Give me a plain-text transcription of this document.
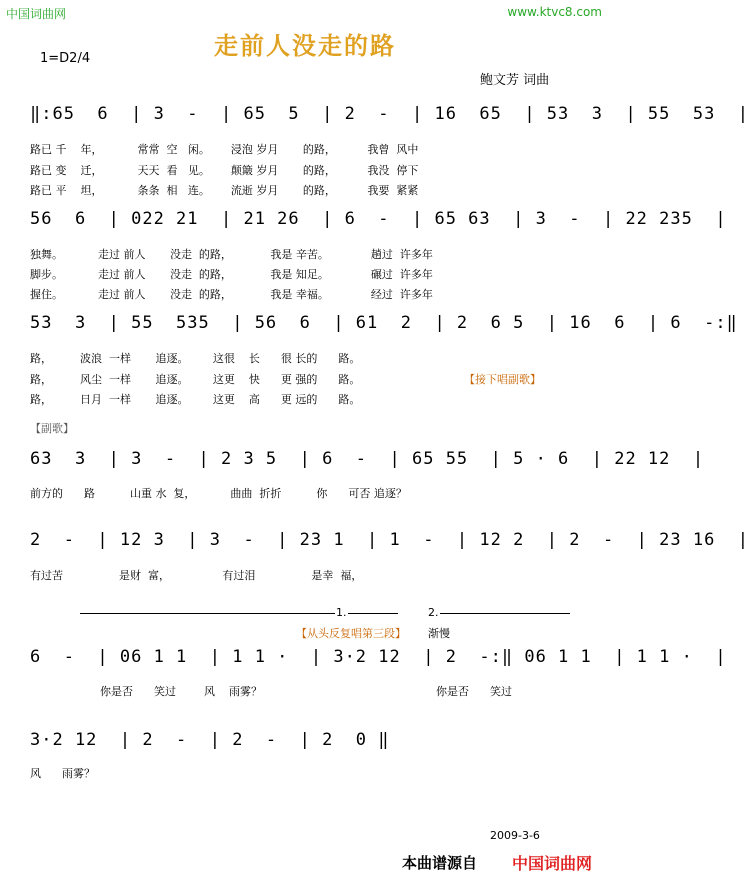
中国词曲网	www.ktvc8.com
走前人没走的路
1=D2/4
鲍文芳 词曲
‖:65  6  | 3  -  | 65  5  | 2  -  | 16  65  | 53  3  | 55  53  |
路已 千    年，          常常  空   闲。      浸泡 岁月       的路，         我曾  风中
路已 变    迁，          天天  看   见。      颠簸 岁月       的路，         我没  停下
路已 平    坦，          条条  相   连。      流逝 岁月       的路，         我要  紧紧
56  6  | 022 21  | 21 26  | 6  -  | 65 63  | 3  -  | 22 235  |
独舞。          走过 前人       没走  的路，           我是 辛苦。            趟过  许多年
脚步。          走过 前人       没走  的路，           我是 知足。            碾过  许多年
握住。          走过 前人       没走  的路，           我是 幸福。            经过  许多年
53  3  | 55  535  | 56  6  | 61  2  | 2  6 5  | 16  6  | 6  -:‖
路，        波浪  一样       追逐。       这很    长      很 长的      路。
路，        风尘  一样       追逐。       这更    快      更 强的      路。	【接下唱副歌】
路，        日月  一样       追逐。       这更    高      更 远的      路。
【副歌】
63  3  | 3  -  | 2 3 5  | 6  -  | 65 55  | 5 · 6  | 22 12  |
前方的      路          山重 水  复，          曲曲  折折          你      可否 追逐？
2  -  | 12 3  | 3  -  | 23 1  | 1  -  | 12 2  | 2  -  | 23 16  |
有过苦                是财  富，               有过泪                是幸  福，
1.	2.
【从头反复唱第三段】 渐慢
6  -  | 06 1 1  | 1 1 ·  | 3·2 12  | 2  -:‖ 06 1 1  | 1 1 ·  |
你是否      笑过        风    雨雾？	你是否      笑过
3·2 12  | 2  -  | 2  -  | 2  0 ‖
风      雨雾？
2009-3-6
本曲谱源自 中国词曲网
